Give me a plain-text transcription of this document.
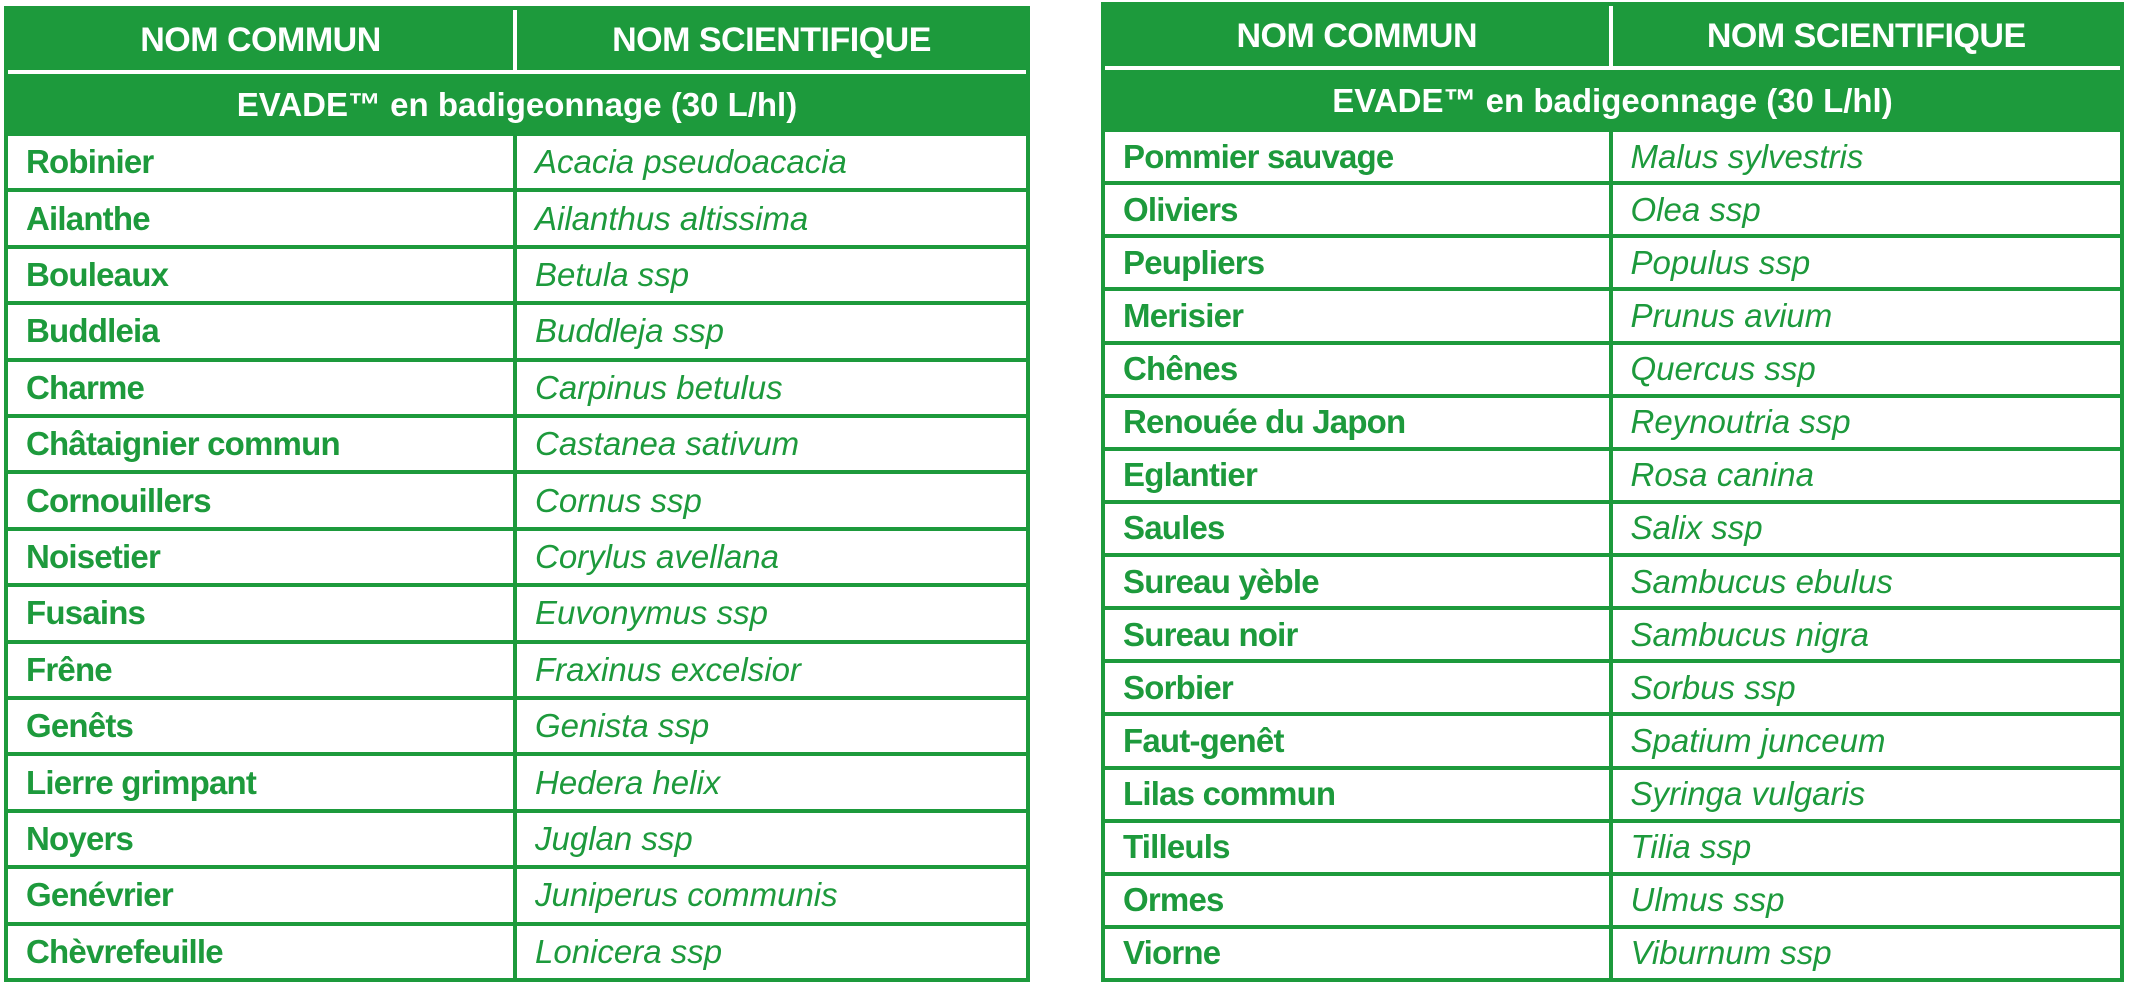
NOM COMMUN	NOM SCIENTIFIQUE
EVADE™ en badigeonnage (30 L/hl)
Robinier	Acacia pseudoacacia
Ailanthe	Ailanthus altissima
Bouleaux	Betula ssp
Buddleia	Buddleja ssp
Charme	Carpinus betulus
Châtaignier commun	Castanea sativum
Cornouillers	Cornus ssp
Noisetier	Corylus avellana
Fusains	Euvonymus ssp
Frêne	Fraxinus excelsior
Genêts	Genista ssp
Lierre grimpant	Hedera helix
Noyers	Juglan ssp
Genévrier	Juniperus communis
Chèvrefeuille	Lonicera ssp
NOM COMMUN	NOM SCIENTIFIQUE
EVADE™ en badigeonnage (30 L/hl)
Pommier sauvage	Malus sylvestris
Oliviers	Olea ssp
Peupliers	Populus ssp
Merisier	Prunus avium
Chênes	Quercus ssp
Renouée du Japon	Reynoutria ssp
Eglantier	Rosa canina
Saules	Salix ssp
Sureau yèble	Sambucus ebulus
Sureau noir	Sambucus nigra
Sorbier	Sorbus ssp
Faut-genêt	Spatium junceum
Lilas commun	Syringa vulgaris
Tilleuls	Tilia ssp
Ormes	Ulmus ssp
Viorne	Viburnum ssp
